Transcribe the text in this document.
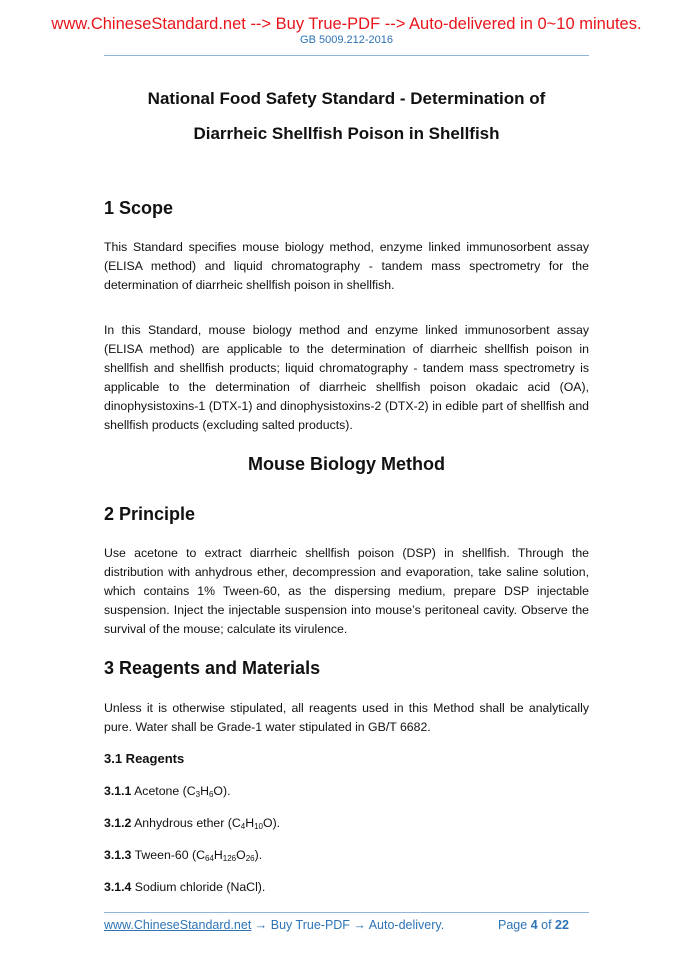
www.ChineseStandard.net --> Buy True-PDF --> Auto-delivered in 0~10 minutes.
GB 5009.212-2016
National Food Safety Standard - Determination of
Diarrheic Shellfish Poison in Shellfish
1 Scope

This Standard specifies mouse biology method, enzyme linked immunosorbent assay (ELISA method) and liquid chromatography - tandem mass spectrometry for the determination of diarrheic shellfish poison in shellfish.

In this Standard, mouse biology method and enzyme linked immunosorbent assay (ELISA method) are applicable to the determination of diarrheic shellfish poison in shellfish and shellfish products; liquid chromatography - tandem mass spectrometry is applicable to the determination of diarrheic shellfish poison okadaic acid (OA), dinophysistoxins-1 (DTX-1) and dinophysistoxins-2 (DTX-2) in edible part of shellfish and shellfish products (excluding salted products).

Mouse Biology Method
2 Principle

Use acetone to extract diarrheic shellfish poison (DSP) in shellfish. Through the distribution with anhydrous ether, decompression and evaporation, take saline solution, which contains 1% Tween-60, as the dispersing medium, prepare DSP injectable suspension. Inject the injectable suspension into mouse’s peritoneal cavity. Observe the survival of the mouse; calculate its virulence.

3 Reagents and Materials

Unless it is otherwise stipulated, all reagents used in this Method shall be analytically pure. Water shall be Grade-1 water stipulated in GB/T 6682.

3.1 Reagents
3.1.1 Acetone $(C_3H_6O)$.
3.1.2 Anhydrous ether $(C_4H_{10}O)$.
3.1.3 Tween-60 $(C_{64}H_{126}O_{26})$.
3.1.4 Sodium chloride (NaCl).
www.ChineseStandard.net → Buy True-PDF → Auto-delivery.	Page 4 of 22
